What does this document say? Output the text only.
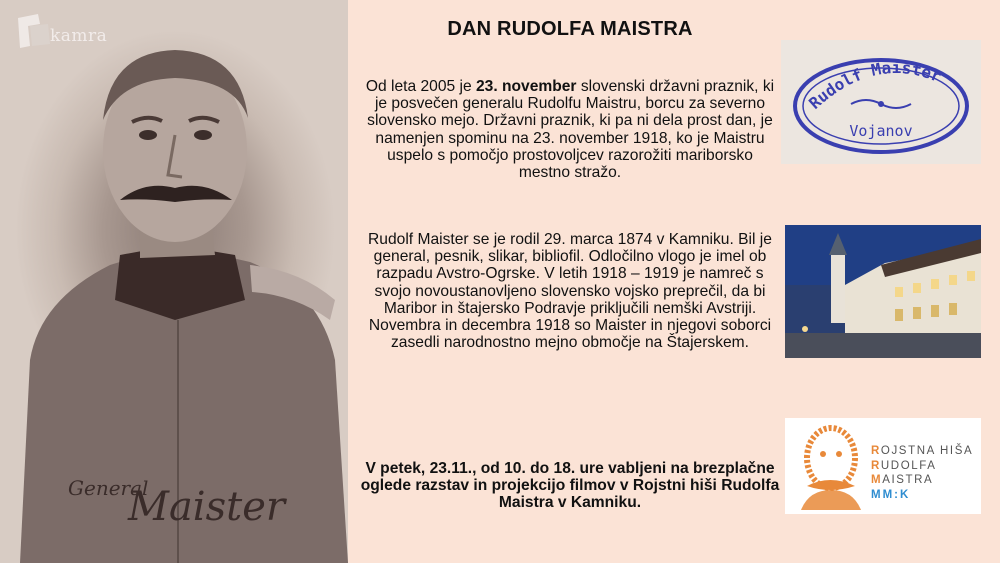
General
Maister
kamra	DAN RUDOLFA MAISTRA
Od leta 2005 je 23. november slovenski državni praznik, ki je posvečen generalu Rudolfu Maistru, borcu za severno slovensko mejo. Državni praznik, ki pa ni dela prost dan, je namenjen spominu na 23. november 1918, ko je Maistru uspelo s pomočjo prostovoljcev razorožiti mariborsko mestno stražo.
Rudolf Maister se je rodil 29. marca 1874 v Kamniku. Bil je general, pesnik, slikar, bibliofil. Odločilno vlogo je imel ob razpadu Avstro-Ogrske. V letih 1918 – 1919 je namreč s svojo novoustanovljeno slovensko vojsko preprečil, da bi Maribor in štajersko Podravje priključili nemški Avstriji. Novembra in decembra 1918 so Maister in njegovi soborci zasedli narodnostno mejno območje na Štajerskem.
V petek, 23.11., od 10. do 18. ure vabljeni na brezplačne oglede razstav in projekcijo filmov v Rojstni hiši Rudolfa Maistra v Kamniku.
Rudolf Maister
Vojanov
ROJSTNA HIŠA
RUDOLFA
MAISTRA
MM:K
